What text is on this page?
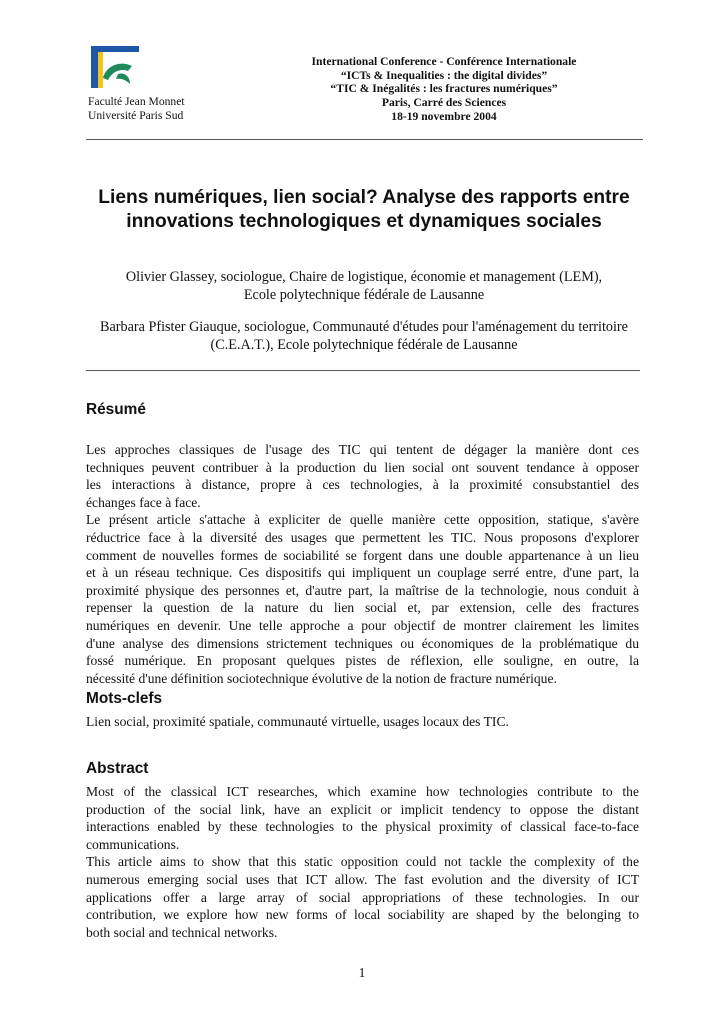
Faculté Jean Monnet
Université Paris Sud
International Conference - Conférence Internationale
“ICTs & Inequalities : the digital divides”
“TIC & Inégalités : les fractures numériques”
Paris, Carré des Sciences
18-19 novembre 2004
Liens numériques, lien social? Analyse des rapports entre
innovations technologiques et dynamiques sociales
Olivier Glassey, sociologue, Chaire de logistique, économie et management (LEM),
Ecole polytechnique fédérale de Lausanne
Barbara Pfister Giauque, sociologue, Communauté d'études pour l'aménagement du territoire
(C.E.A.T.), Ecole polytechnique fédérale de Lausanne
Résumé

Les approches classiques de l'usage des TIC qui tentent de dégager la manière dont ces

techniques peuvent contribuer à la production du lien social ont souvent tendance à opposer

les interactions à distance, propre à ces technologies, à la proximité consubstantiel des

échanges face à face.

Le présent article s'attache à expliciter de quelle manière cette opposition, statique, s'avère

réductrice face à la diversité des usages que permettent les TIC. Nous proposons d'explorer

comment de nouvelles formes de sociabilité se forgent dans une double appartenance à un lieu

et à un réseau technique. Ces dispositifs qui impliquent un couplage serré entre, d'une part, la

proximité physique des personnes et, d'autre part, la maîtrise de la technologie, nous conduit à

repenser la question de la nature du lien social et, par extension, celle des fractures

numériques en devenir. Une telle approche a pour objectif de montrer clairement les limites

d'une analyse des dimensions strictement techniques ou économiques de la problématique du

fossé numérique. En proposant quelques pistes de réflexion, elle souligne, en outre, la

nécessité d'une définition sociotechnique évolutive de la notion de fracture numérique.

Mots-clefs

Lien social, proximité spatiale, communauté virtuelle, usages locaux des TIC.

Abstract

Most of the classical ICT researches, which examine how technologies contribute to the

production of the social link, have an explicit or implicit tendency to oppose the distant

interactions enabled by these technologies to the physical proximity of classical face-to-face

communications.

This article aims to show that this static opposition could not tackle the complexity of the

numerous emerging social uses that ICT allow. The fast evolution and the diversity of ICT

applications offer a large array of social appropriations of these technologies. In our

contribution, we explore how new forms of local sociability are shaped by the belonging to

both social and technical networks.

1
